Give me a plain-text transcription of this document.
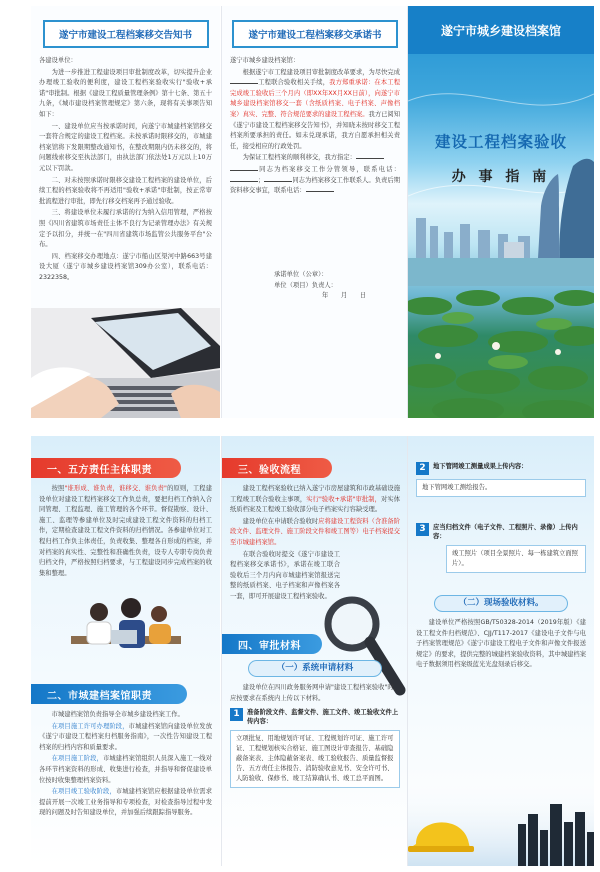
遂宁市建设工程档案移交告知书

各建设单位：

为进一步推进工程建设项目审批制度改革，切实提升企业办理竣工验收的便利度，建设工程档案验收实行"验收+承诺"审批制。根据《建设工程质量管理条例》第十七条、第五十九条，《城市建设档案管理规定》第六条，现将有关事项告知如下：

一、建设单位应当按承诺时间，向遂宁市城建档案馆移交一套符合规定的建设工程档案。未按承诺时限移交的，市城建档案馆将下发限期整改通知书，在整改期限内仍未移交的，将问题线索移交至执法部门，由执法部门依法处1万元以上10万元以下罚款。

二、对未按照承诺时限移交建设工程档案的建设单位，后续工程的档案验收将不再适用"验收+承诺"审批制，按正常审批流程进行审批，即先行移交档案再予通过验收。

三、将建设单位未履行承诺的行为纳入信用管理，严格按照《四川省建筑市场责任主体不良行为记录管理办法》有关规定予以扣分，并统一在"四川省建筑市场监管公共服务平台"公布。

四、档案移交办理地点：遂宁市船山区渠河中路663号建设大厦（遂宁市城乡建设档案馆309办公室），联系电话：2322358。

遂宁市建设工程档案移交承诺书

遂宁市城乡建设档案馆：

根据遂宁市工程建设项目审批制度改革要求，为尽快完成工程联合验收相关手续，我方郑重承诺：在本工程完成竣工验收后三个月内（即XX年XX月XX日前），向遂宁市城乡建设档案馆移交一套（含纸质档案、电子档案、声像档案）真实、完整、符合规范要求的建设工程档案。我方已阅知《遂宁市建设工程档案移交告知书》，并知晓未按时移交工程档案所要承担的责任。如未兑现承诺，我方自愿承担相关责任，接受相应的行政处罚。

为保证工程档案的顺利移交，我方指定：

同志为档案移交工作分管领导，联系电话：；	同志为档案移交工作联系人。负责后期资料移交事宜，联系电话：

承诺单位（公章）：
单位（项目）负责人：
年　　月　　日
遂宁市城乡建设档案馆
建设工程档案验收
办 事 指 南
一、五方责任主体职责

按照"谁形成、谁负责，谁移交、谁负责"的原则，工程建设单位对建设工程档案移交工作负总责，要把归档工作纳入合同管理、工程监理、施工管理的各个环节。督促勘察、设计、施工、监理等参建单位及时完成建设工程文件资料的归档工作，定期检查建设工程文件资料的归档情况。各参建单位对工程归档工作负主体责任，负责收集、整理各自形成的档案，并对档案的真实性、完整性和准确性负责，设专人专职专岗负责归档文件，严格按照归档要求，与工程建设同步完成档案的收集和整理。

二、市城建档案馆职责

市城建档案馆负责指导全市城乡建设档案工作。

在项目施工许可办理阶段，市城建档案馆向建设单位发放《遂宁市建设工程档案归档服务指南》，一次性告知建设工程档案的归档内容和质量要求。

在项目施工阶段，市城建档案馆组织人员深入施工一线对各环节档案资料的形成、收集进行检查，并指导和督促建设单位按时收集整理档案资料。

在项目竣工验收阶段，市城建档案馆应根据建设单位需求提前开展一次竣工业务指导和专项检查，对检查指导过程中发现的问题及时告知建设单位，并加强后续跟踪指导服务。

三、验收流程

建设工程档案验收已纳入遂宁市房屋建筑和市政基础设施工程竣工联合验收主事项，实行"验收+承诺"审批制，对实体纸质档案及工程竣工验收部分电子档案实行容缺受理。

建设单位在申请联合验收时应将建设工程资料（含准备阶段文件、监理文件、施工阶段文件和竣工图等）电子档案提交至市城建档案馆。

在联合验收时提交《遂宁市建设工程档案移交承诺书》，承诺在竣工联合验收后三个月内向市城建档案馆报送完整的纸质档案、电子档案和声像档案各一套，即可开展建设工程档案验收。

四、审批材料
（一）系统申请材料

建设单位在四川政务服务网申请"建设工程档案验收"时，应按要求在系统内上传以下材料。

1	准备阶段文件、监督文件、施工文件、竣工验收文件上传内容：
立项批复、用地规划许可证、工程规划许可证、施工许可证、工程规划核实合格证、施工图设计审查报告、基础隐蔽备案表、主体隐蔽备案表、竣工验收报告、质量监督报告、五方责任主体报告、消防验收意见书、安全许可书、人防验收、保修书、竣工结算确认书、竣工总平面图。
2	地下管网竣工测量成果上传内容：
地下管网竣工测绘报告。
3	应当归档文件（电子文件、工程照片、录像）上传内容：
竣工照片（项目全景照片、每一栋建筑立面照片）。
（二）现场验收材料。

建设单位严格按照GB/T50328-2014（2019年版）《建设工程文件归档规范》、CJJ/T117-2017《建设电子文件与电子档案管理规范》《遂宁市建设工程电子文件和声像文件报送规定》的要求，提供完整的城建档案验收资料，其中城建档案电子数据须用档案级蓝光光盘刻录后移交。
